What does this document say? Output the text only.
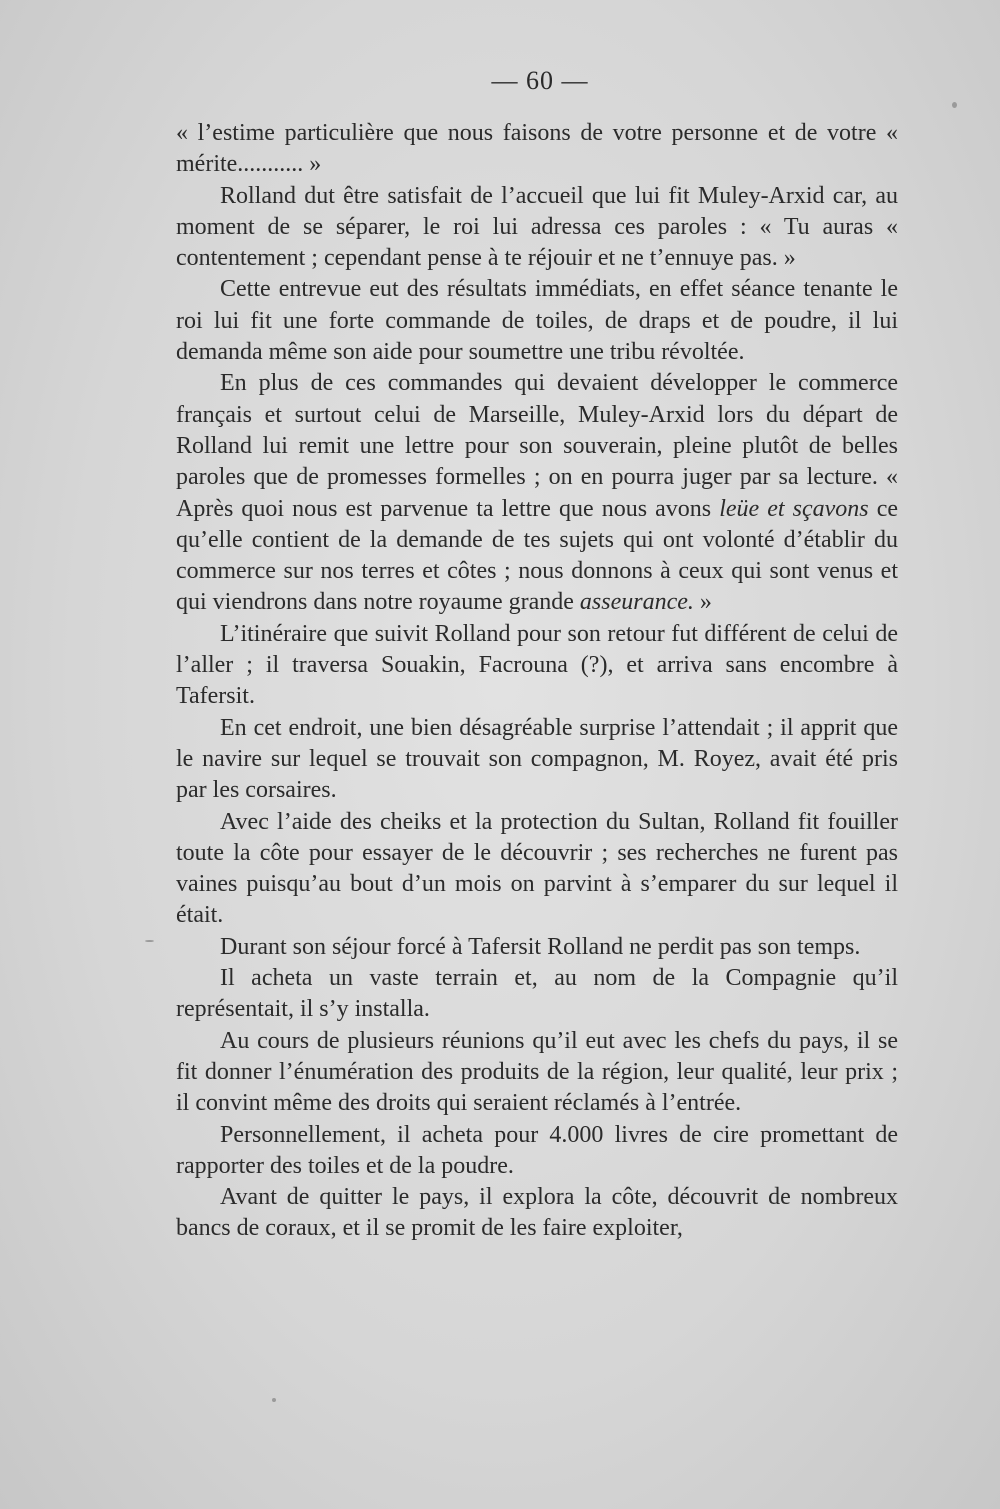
— 60 —

« l’estime particulière que nous faisons de votre personne et de votre « mérite........... »

Rolland dut être satisfait de l’accueil que lui fit Muley-Arxid car, au moment de se séparer, le roi lui adressa ces paroles : « Tu auras « contentement ; cependant pense à te réjouir et ne t’ennuye pas. »

Cette entrevue eut des résultats immédiats, en effet séance tenante le roi lui fit une forte commande de toiles, de draps et de poudre, il lui demanda même son aide pour soumettre une tribu révoltée.

En plus de ces commandes qui devaient développer le commerce français et surtout celui de Marseille, Muley-Arxid lors du départ de Rolland lui remit une lettre pour son souverain, pleine plutôt de belles paroles que de promesses formelles ; on en pourra juger par sa lecture. « Après quoi nous est parvenue ta lettre que nous avons leüe et sçavons ce qu’elle contient de la demande de tes sujets qui ont volonté d’établir du commerce sur nos terres et côtes ; nous donnons à ceux qui sont venus et qui viendrons dans notre royaume grande asseurance. »

L’itinéraire que suivit Rolland pour son retour fut différent de celui de l’aller ; il traversa Souakin, Facrouna (?), et arriva sans encombre à Tafersit.

En cet endroit, une bien désagréable surprise l’attendait ; il apprit que le navire sur lequel se trouvait son compagnon, M. Royez, avait été pris par les corsaires.

Avec l’aide des cheiks et la protection du Sultan, Rolland fit fouiller toute la côte pour essayer de le découvrir ; ses recherches ne furent pas vaines puisqu’au bout d’un mois on parvint à s’emparer du sur lequel il était.

Durant son séjour forcé à Tafersit Rolland ne perdit pas son temps.

Il acheta un vaste terrain et, au nom de la Compagnie qu’il représentait, il s’y installa.

Au cours de plusieurs réunions qu’il eut avec les chefs du pays, il se fit donner l’énumération des produits de la région, leur qualité, leur prix ; il convint même des droits qui seraient réclamés à l’entrée.

Personnellement, il acheta pour 4.000 livres de cire promettant de rapporter des toiles et de la poudre.

Avant de quitter le pays, il explora la côte, découvrit de nombreux bancs de coraux, et il se promit de les faire exploiter,
